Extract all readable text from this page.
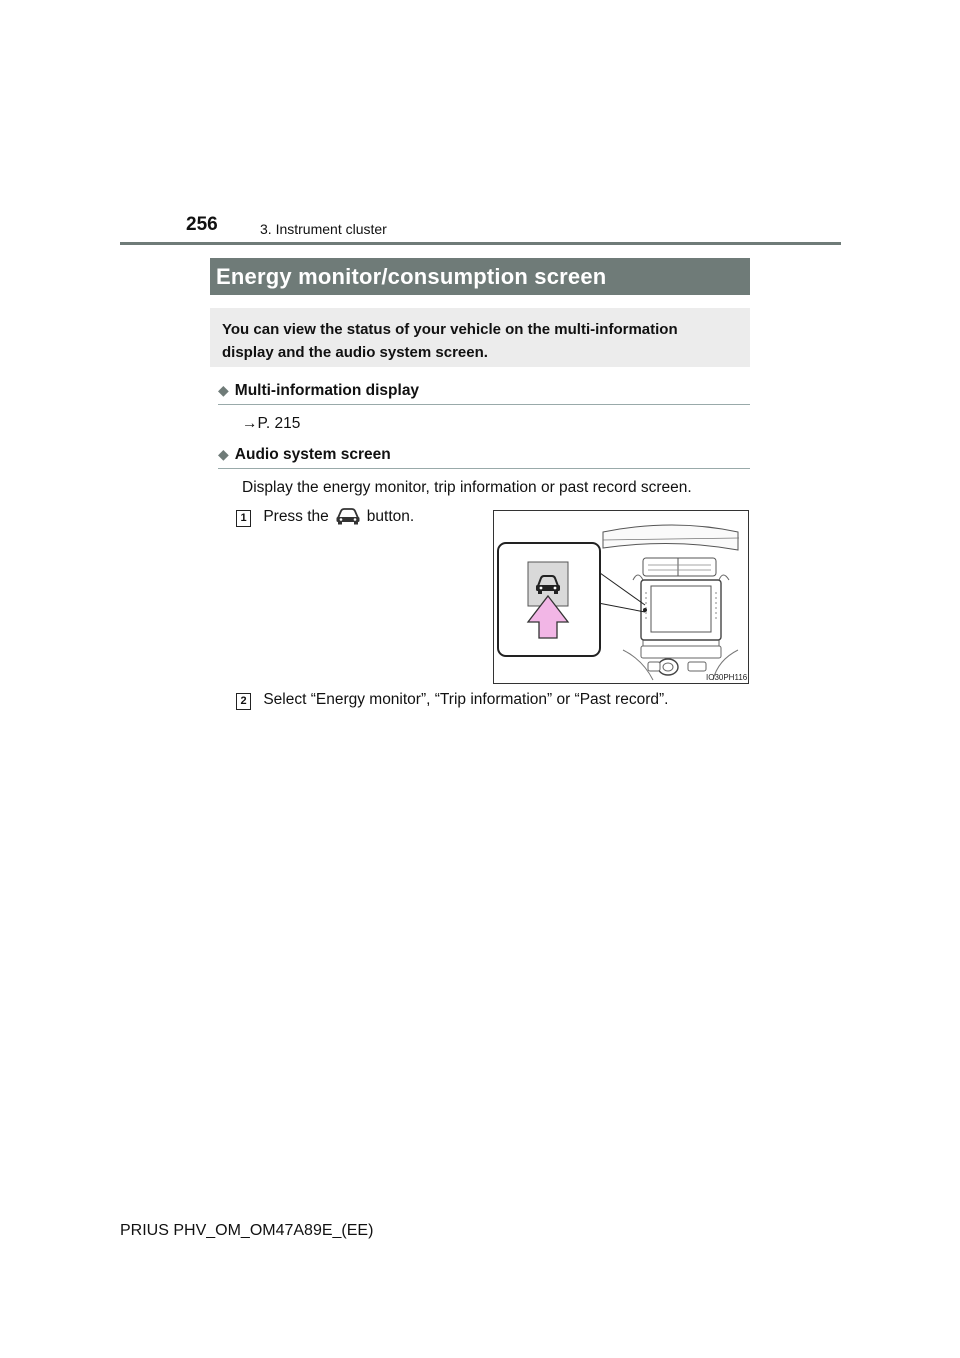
256	3. Instrument cluster
Energy monitor/consumption screen
You can view the status of your vehicle on the multi-information
display and the audio system screen.
◆ Multi-information display
→P. 215
◆ Audio system screen
Display the energy monitor, trip information or past record screen.
1 Press the button.
IO30PH116
2 Select “Energy monitor”, “Trip information” or “Past record”.
PRIUS PHV_OM_OM47A89E_(EE)
